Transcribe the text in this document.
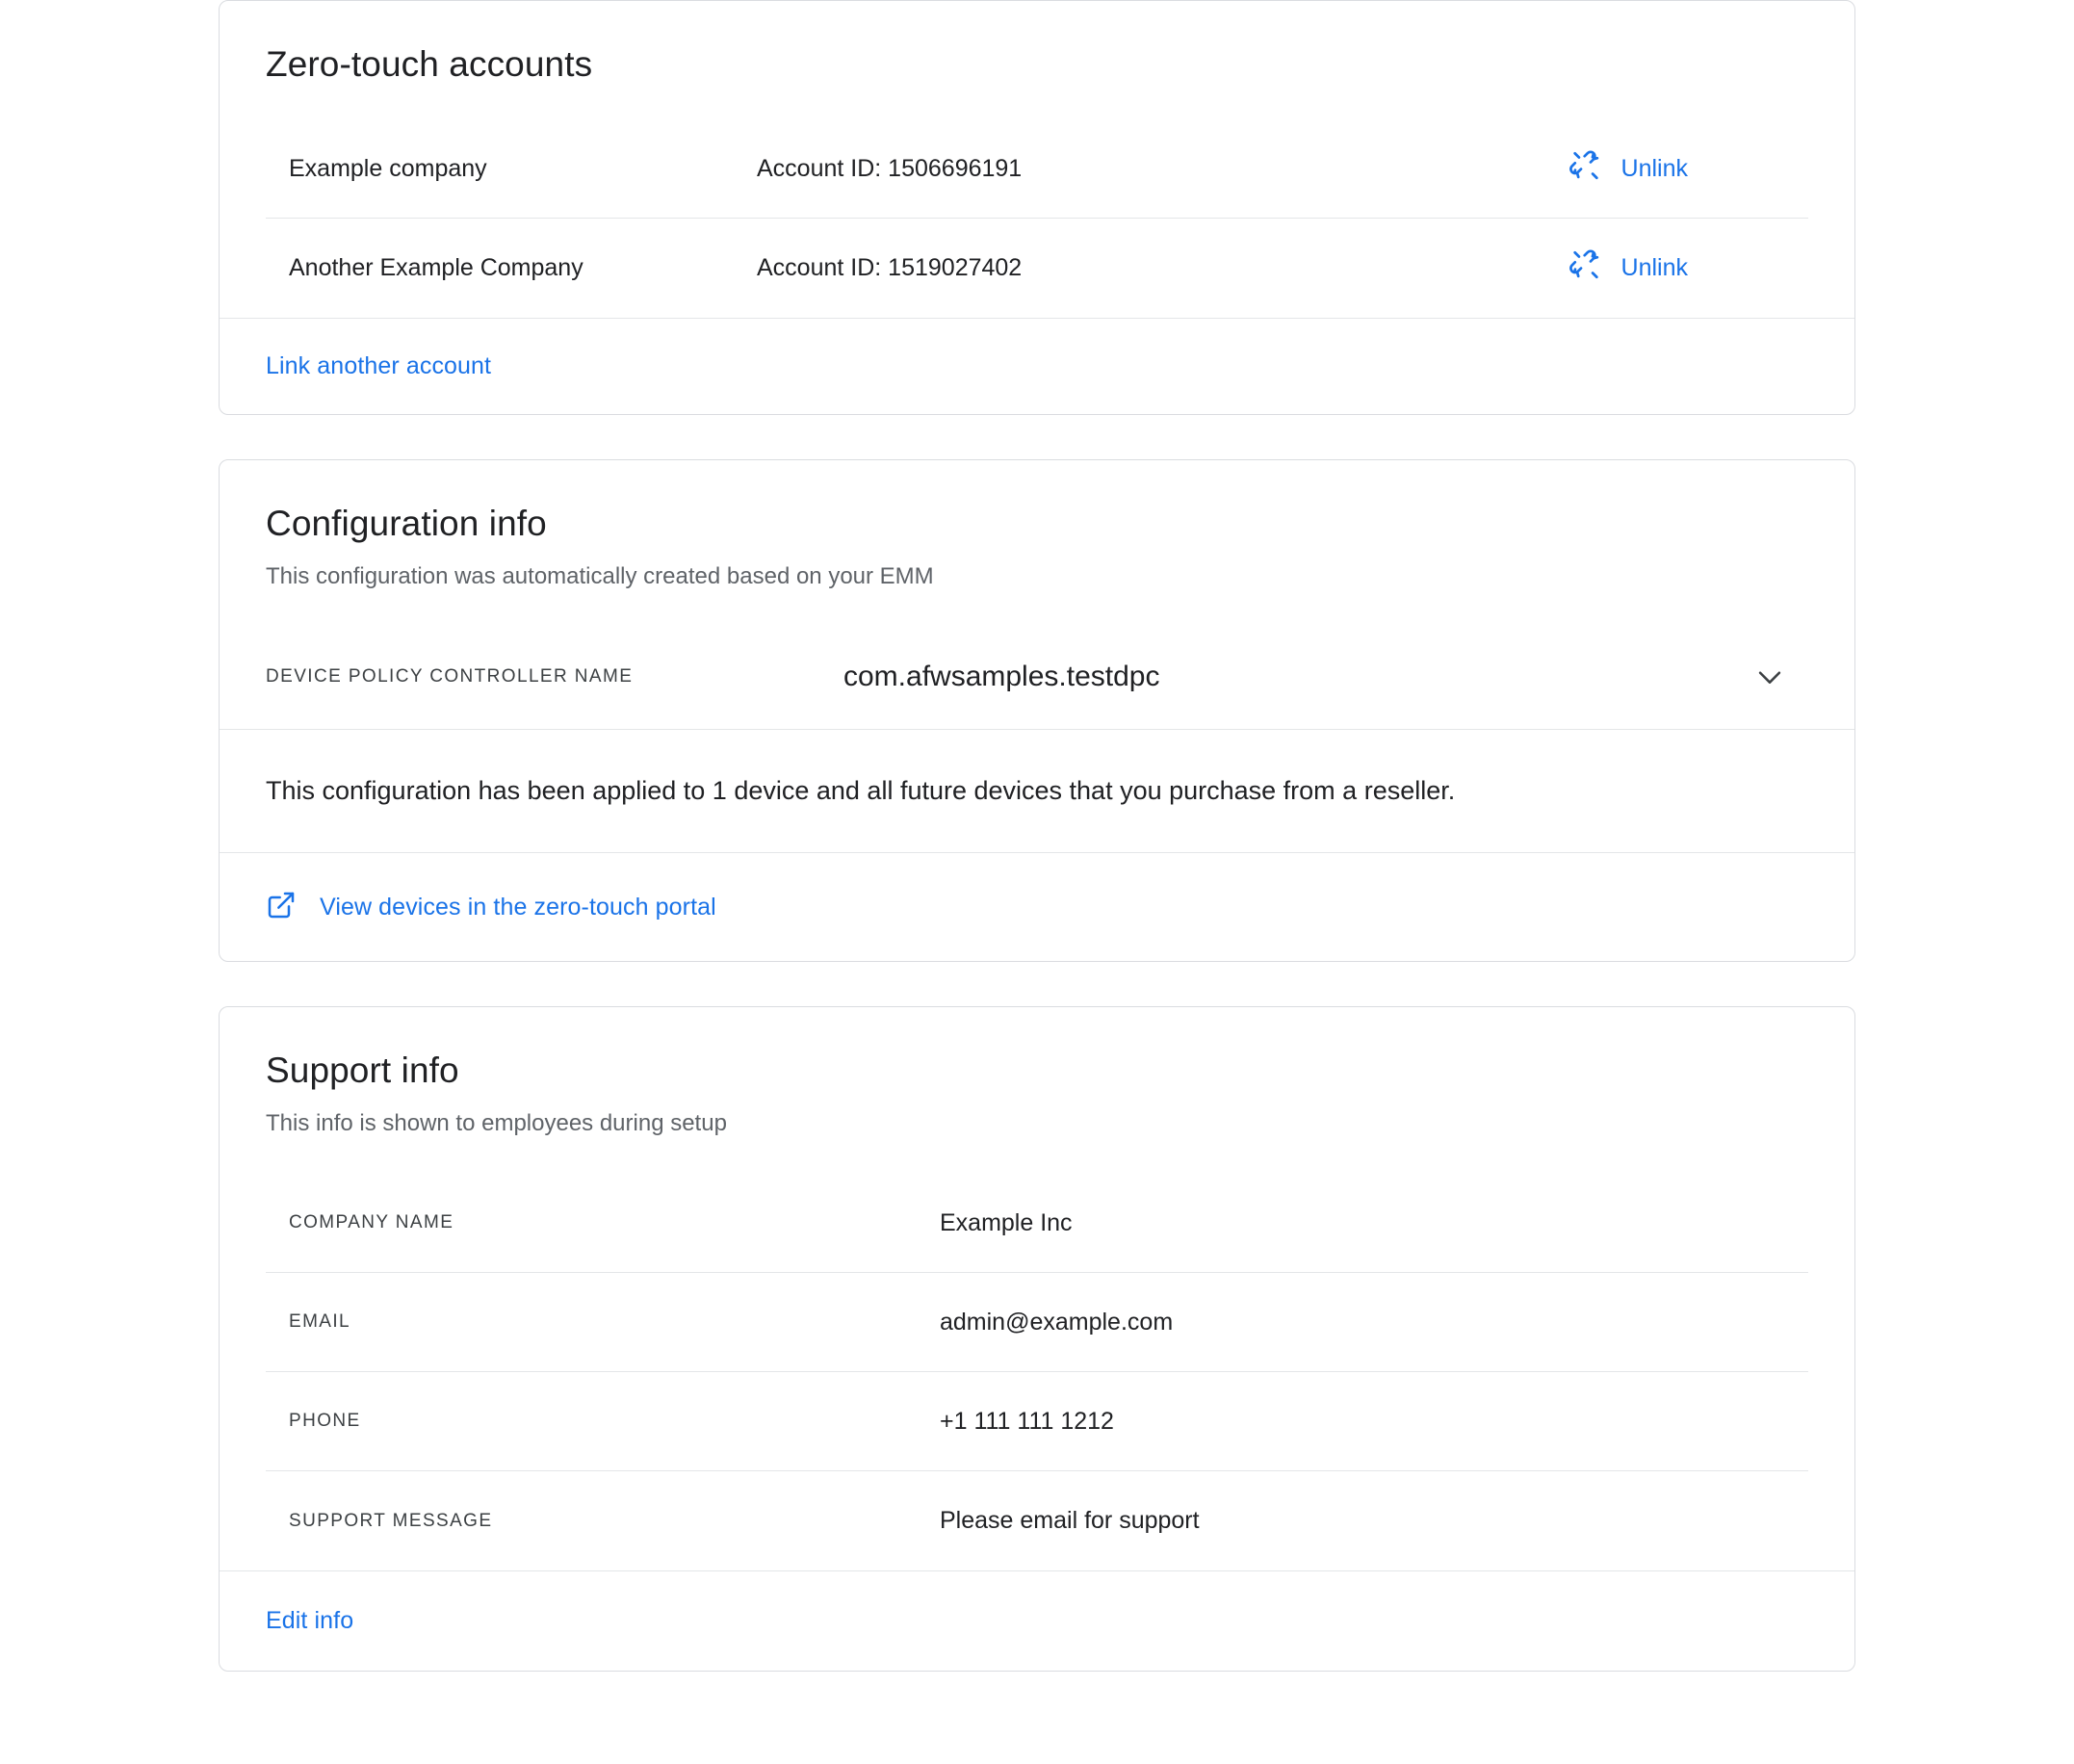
Zero-touch accounts
Example company	Account ID: 1506696191	Unlink
Another Example Company	Account ID: 1519027402	Unlink
Link another account
Configuration info

This configuration was automatically created based on your EMM

DEVICE POLICY CONTROLLER NAME	com.afwsamples.testdpc
This configuration has been applied to 1 device and all future devices that you purchase from a reseller.
View devices in the zero-touch portal
Support info

This info is shown to employees during setup

COMPANY NAME	Example Inc
EMAIL	admin@example.com
PHONE	+1 111 111 1212
SUPPORT MESSAGE	Please email for support
Edit info
